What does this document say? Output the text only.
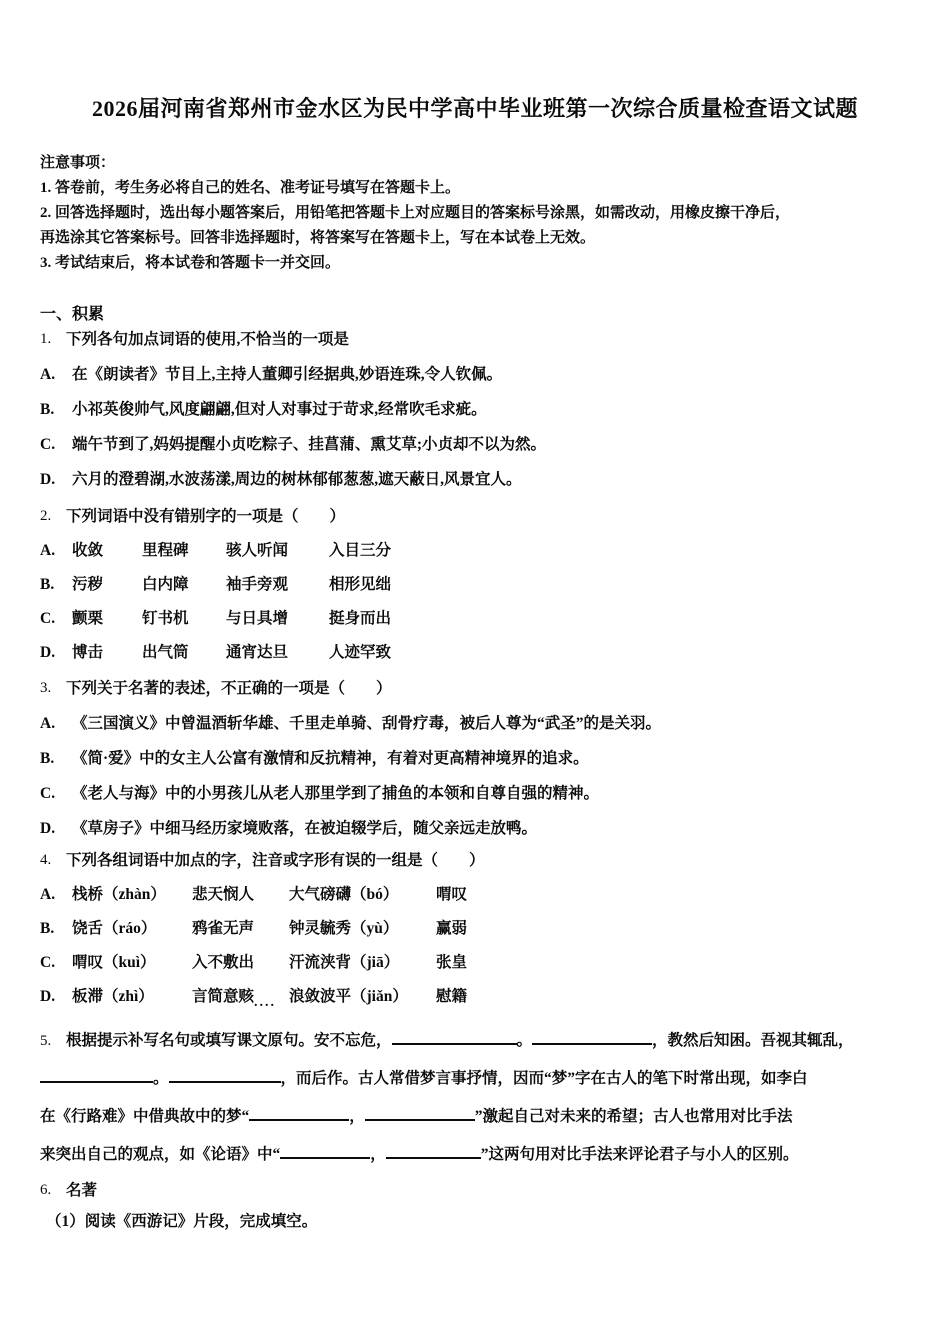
2026届河南省郑州市金水区为民中学高中毕业班第一次综合质量检查语文试题
注意事项：

1. 答卷前，考生务必将自己的姓名、准考证号填写在答题卡上。

2. 回答选择题时，选出每小题答案后，用铅笔把答题卡上对应题目的答案标号涂黑，如需改动，用橡皮擦干净后，

再选涂其它答案标号。回答非选择题时，将答案写在答题卡上，写在本试卷上无效。

3. 考试结束后，将本试卷和答题卡一并交回。

一、积累
1. 下列各句加点词语的使用,不恰当的一项是
A.	在《朗读者》节目上,主持人董卿引经据典,妙语连珠,令人钦佩。
B.	小祁英俊帅气,风度翩翩,但对人对事过于苛求,经常吹毛求疵。
C.	端午节到了,妈妈提醒小贞吃粽子、挂菖蒲、熏艾草;小贞却不以为然。
D.	六月的澄碧湖,水波荡漾,周边的树林郁郁葱葱,遮天蔽日,风景宜人。
2. 下列词语中没有错别字的一项是（　　）
A.	收敛	里程碑	骇人听闻	入目三分
B.	污秽	白内障	袖手旁观	相形见绌
C.	颤栗	钉书机	与日具增	挺身而出
D.	博击	出气筒	通宵达旦	人迹罕致
3. 下列关于名著的表述，不正确的一项是（　　）
A.	《三国演义》中曾温酒斩华雄、千里走单骑、刮骨疗毒，被后人尊为“武圣”的是关羽。
B.	《简·爱》中的女主人公富有激情和反抗精神，有着对更高精神境界的追求。
C.	《老人与海》中的小男孩儿从老人那里学到了捕鱼的本领和自尊自强的精神。
D.	《草房子》中细马经历家境败落，在被迫辍学后，随父亲远走放鸭。
4. 下列各组词语中加点的字，注音或字形有误的一组是（　　）
A.	栈桥（zhàn）	悲天悯人	大气磅礴（bó）	喟叹
B.	饶舌（ráo）	鸦雀无声	钟灵毓秀（yù）	赢弱
C.	喟叹（kuì）	入不敷出	汗流浃背（jiā）	张皇
D.	板滞（zhì）	言简意赅.... 浪敛波平（jiǎn）	慰籍
5. 根据提示补写名句或填写课文原句。安不忘危，	。	，教然后知困。吾视其辄乱，
。	，而后作。古人常借梦言事抒情，因而“梦”字在古人的笔下时常出现，如李白
在《行路难》中借典故中的梦“	，	”激起自己对未来的希望；古人也常用对比手法
来突出自己的观点，如《论语》中“	，	”这两句用对比手法来评论君子与小人的区别。
6. 名著
（1）阅读《西游记》片段，完成填空。
